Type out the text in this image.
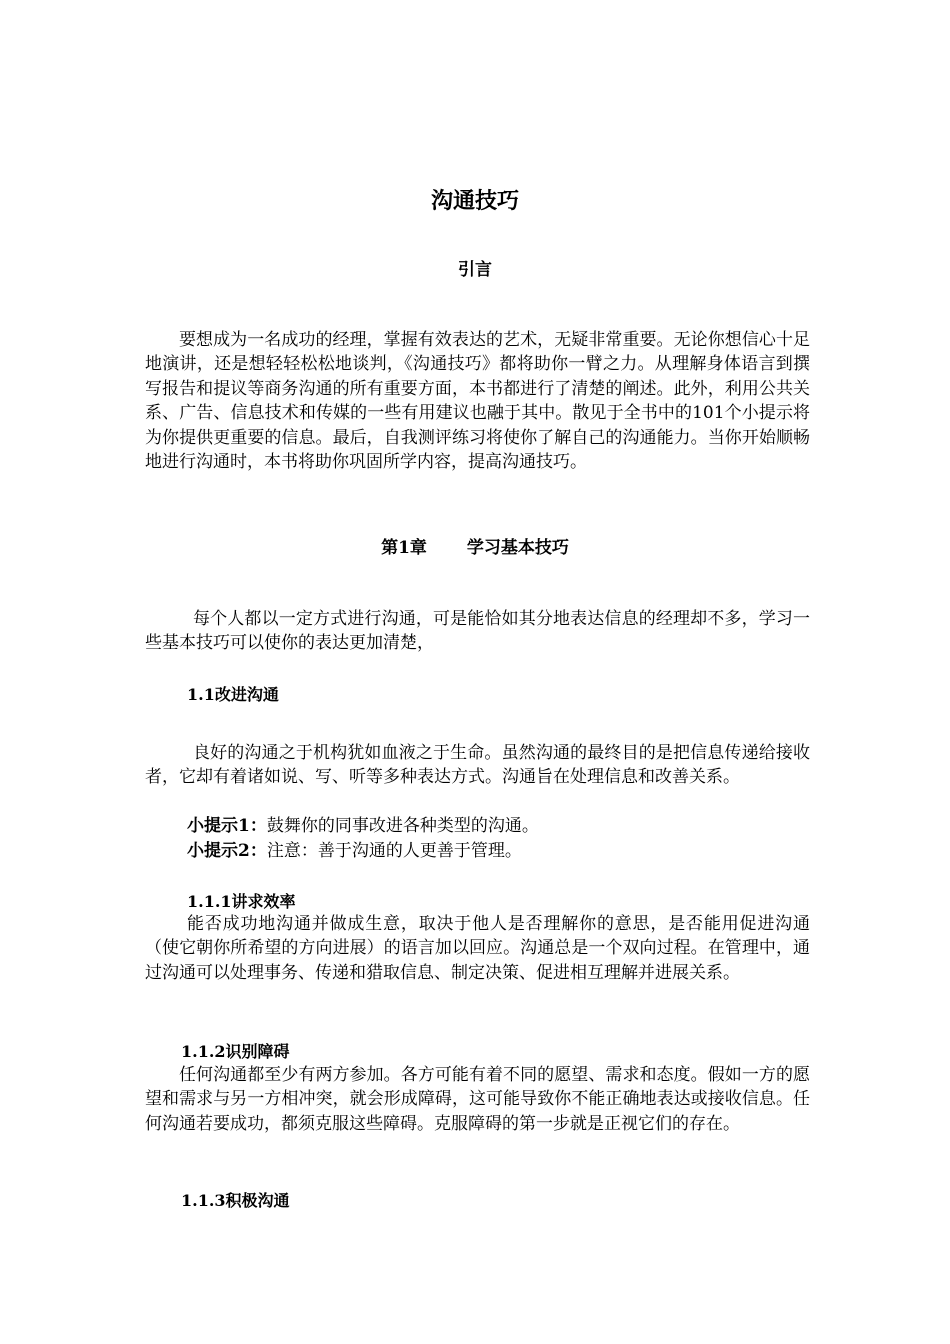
沟通技巧
引言

要想成为一名成功的经理，掌握有效表达的艺术，无疑非常重要。无论你想信心十足地演讲，还是想轻轻松松地谈判，《沟通技巧》都将助你一臂之力。从理解身体语言到撰写报告和提议等商务沟通的所有重要方面，本书都进行了清楚的阐述。此外，利用公共关系、广告、信息技术和传媒的一些有用建议也融于其中。散见于全书中的101个小提示将为你提供更重要的信息。最后，自我测评练习将使你了解自己的沟通能力。当你开始顺畅地进行沟通时，本书将助你巩固所学内容，提高沟通技巧。

第1章 学习基本技巧

每个人都以一定方式进行沟通，可是能恰如其分地表达信息的经理却不多，学习一些基本技巧可以使你的表达更加清楚，

1.1改进沟通

良好的沟通之于机构犹如血液之于生命。虽然沟通的最终目的是把信息传递给接收者，它却有着诸如说、写、听等多种表达方式。沟通旨在处理信息和改善关系。

小提示1：鼓舞你的同事改进各种类型的沟通。
小提示2：注意：善于沟通的人更善于管理。
1.1.1讲求效率

能否成功地沟通并做成生意，取决于他人是否理解你的意思，是否能用促进沟通（使它朝你所希望的方向进展）的语言加以回应。沟通总是一个双向过程。在管理中，通过沟通可以处理事务、传递和猎取信息、制定决策、促进相互理解并进展关系。

1.1.2识别障碍

任何沟通都至少有两方参加。各方可能有着不同的愿望、需求和态度。假如一方的愿望和需求与另一方相冲突，就会形成障碍，这可能导致你不能正确地表达或接收信息。任何沟通若要成功，都须克服这些障碍。克服障碍的第一步就是正视它们的存在。

1.1.3积极沟通
